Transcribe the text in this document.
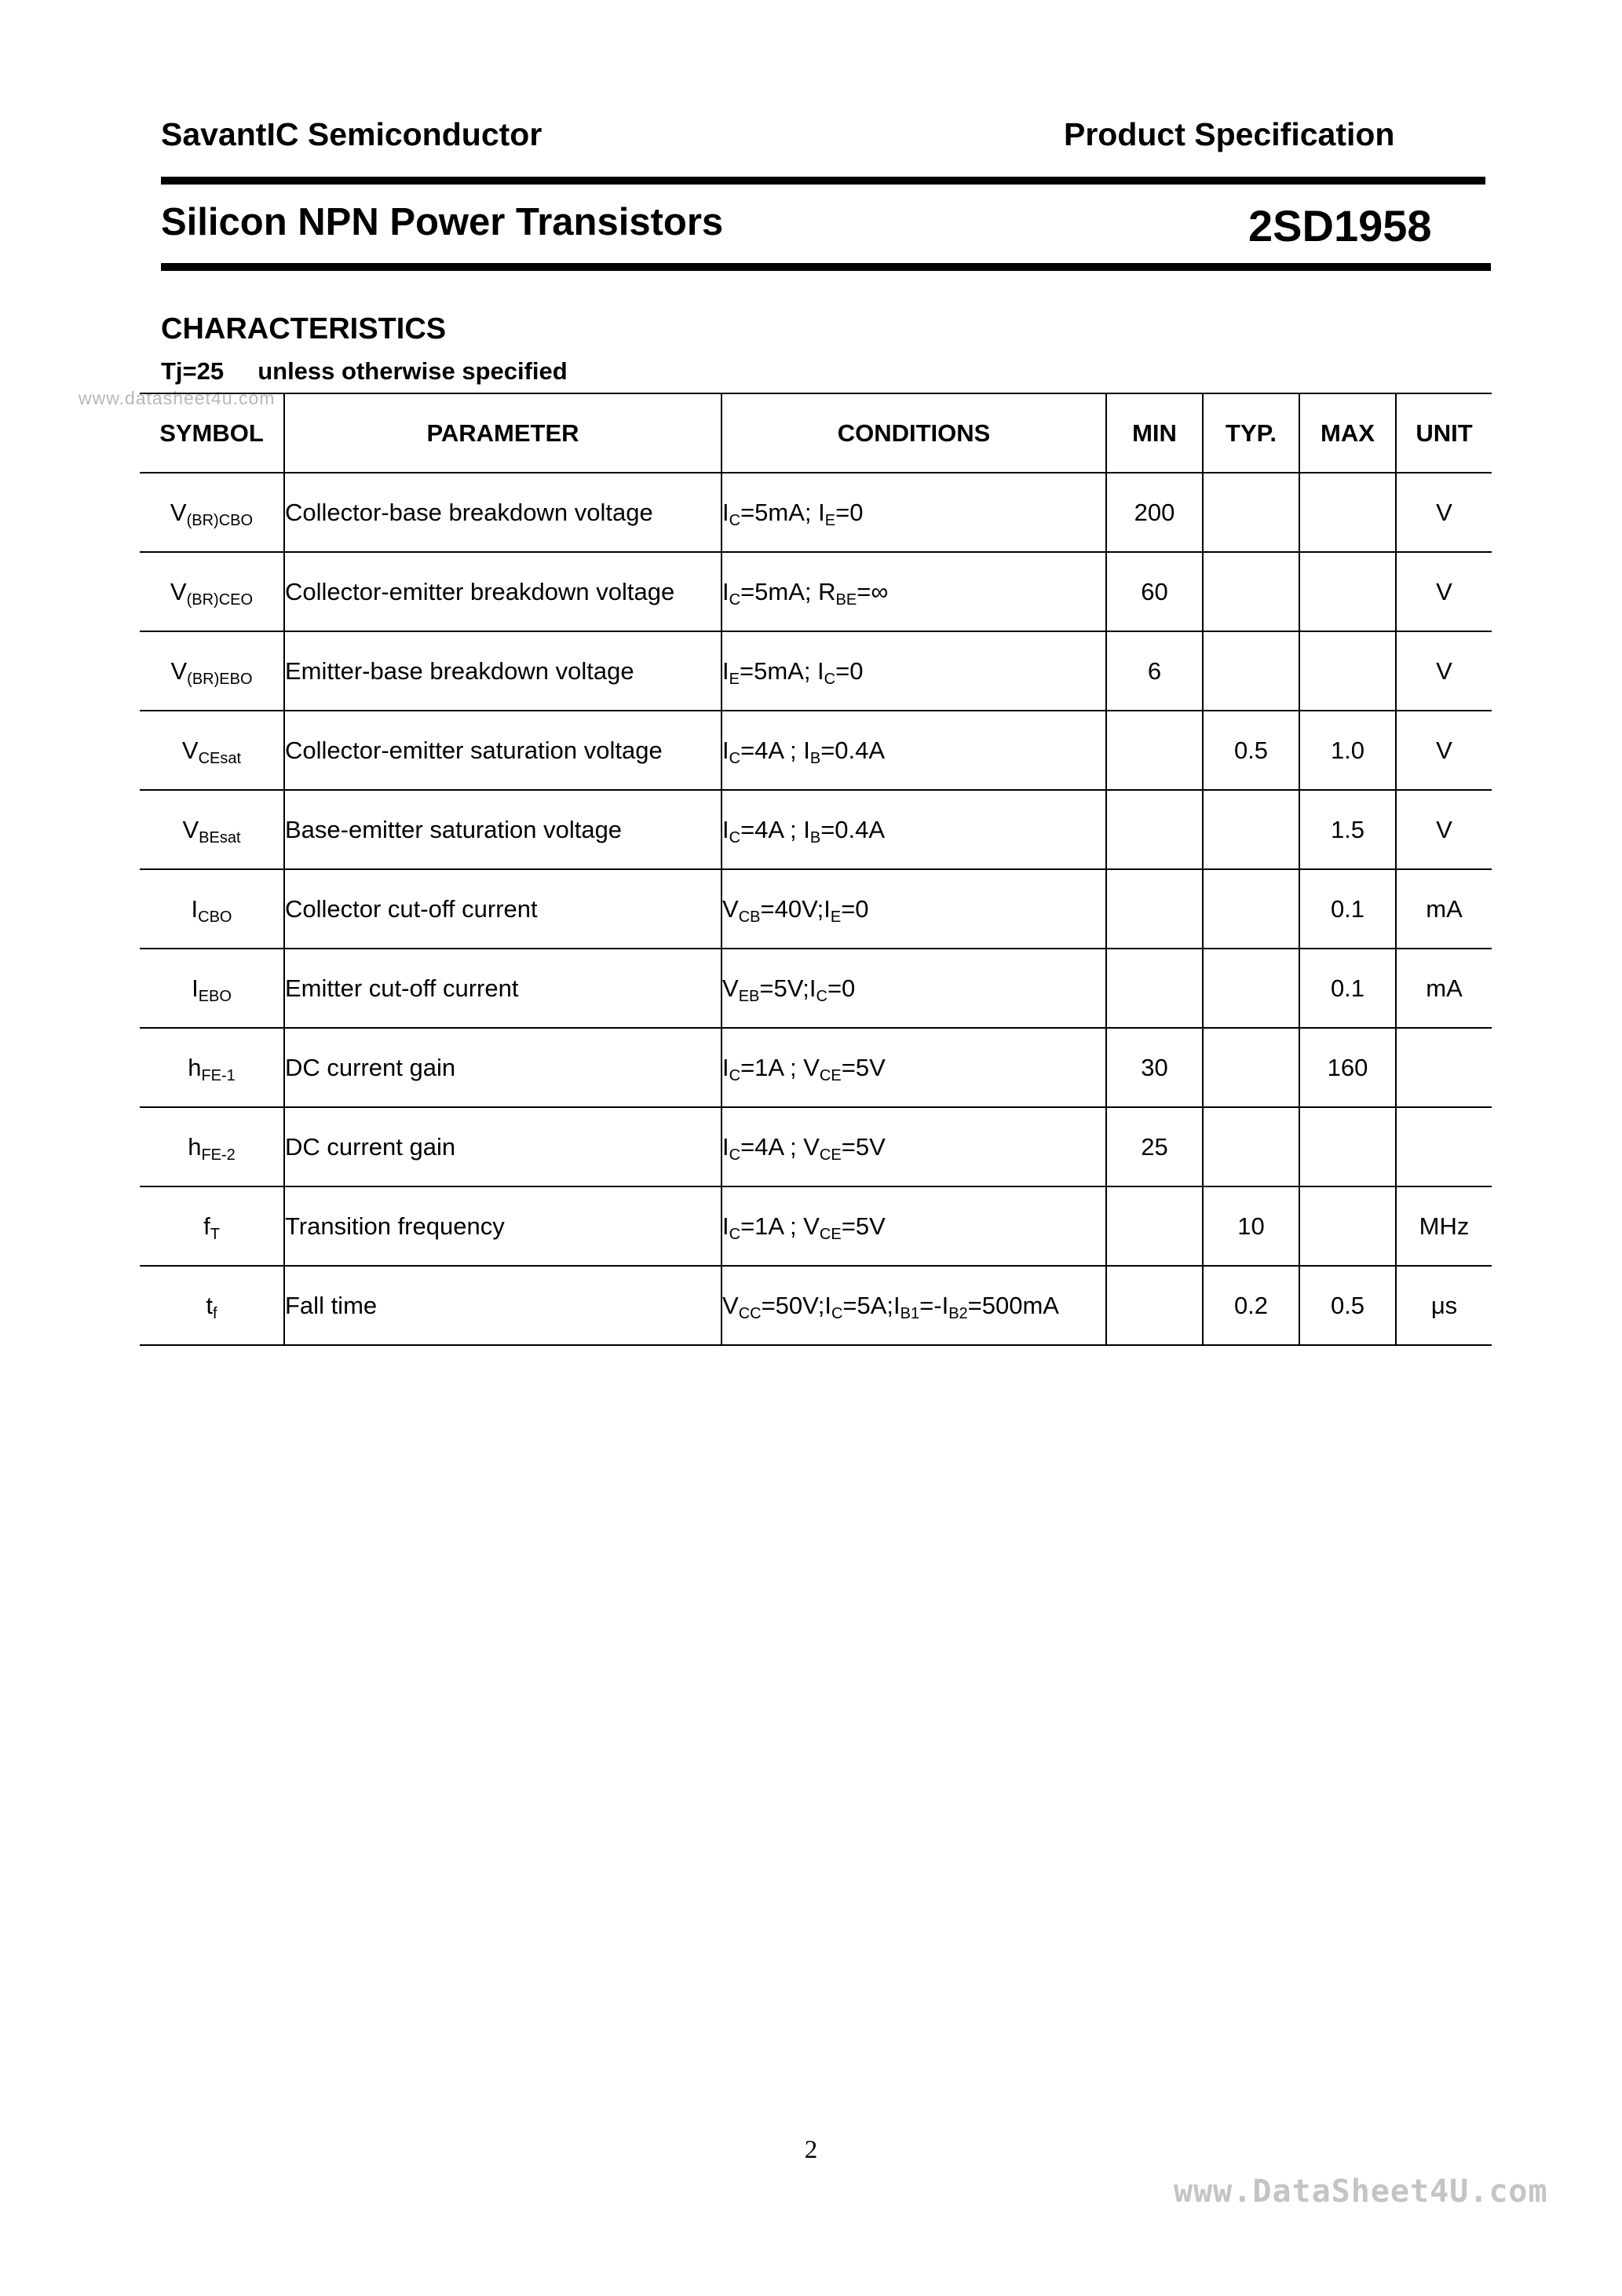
SavantIC Semiconductor	Product Specification
Silicon NPN Power Transistors	2SD1958
CHARACTERISTICS
Tj=25     unless otherwise specified
www.datasheet4u.com
SYMBOL	PARAMETER	CONDITIONS	MIN	TYP.	MAX	UNIT
$V_{(BR)CBO}$	Collector-base breakdown voltage	$I_C=5mA$; $I_E=0$	200			V
$V_{(BR)CEO}$	Collector-emitter breakdown voltage	$I_C=5mA$; $R_{BE}=\infty$	60			V
$V_{(BR)EBO}$	Emitter-base breakdown voltage	$I_E=5mA$; $I_C=0$	6			V
$V_{CEsat}$	Collector-emitter saturation voltage	$I_C=4A$ ; $I_B=0.4A$		0.5	1.0	V
$V_{BEsat}$	Base-emitter saturation voltage	$I_C=4A$ ; $I_B=0.4A$			1.5	V
$I_{CBO}$	Collector cut-off current	$V_{CB}=40V;I_E=0$			0.1	mA
$I_{EBO}$	Emitter cut-off current	$V_{EB}=5V;I_C=0$			0.1	mA
$h_{FE-1}$	DC current gain	$I_C=1A$ ; $V_{CE}=5V$	30		160	
$h_{FE-2}$	DC current gain	$I_C=4A$ ; $V_{CE}=5V$	25			
$f_T$	Transition frequency	$I_C=1A$ ; $V_{CE}=5V$		10		MHz
$t_f$	Fall time	$V_{CC}=50V;I_C=5A;I_{B1}=-I_{B2}=500mA$		0.2	0.5	μs
2
www.DataSheet4U.com
